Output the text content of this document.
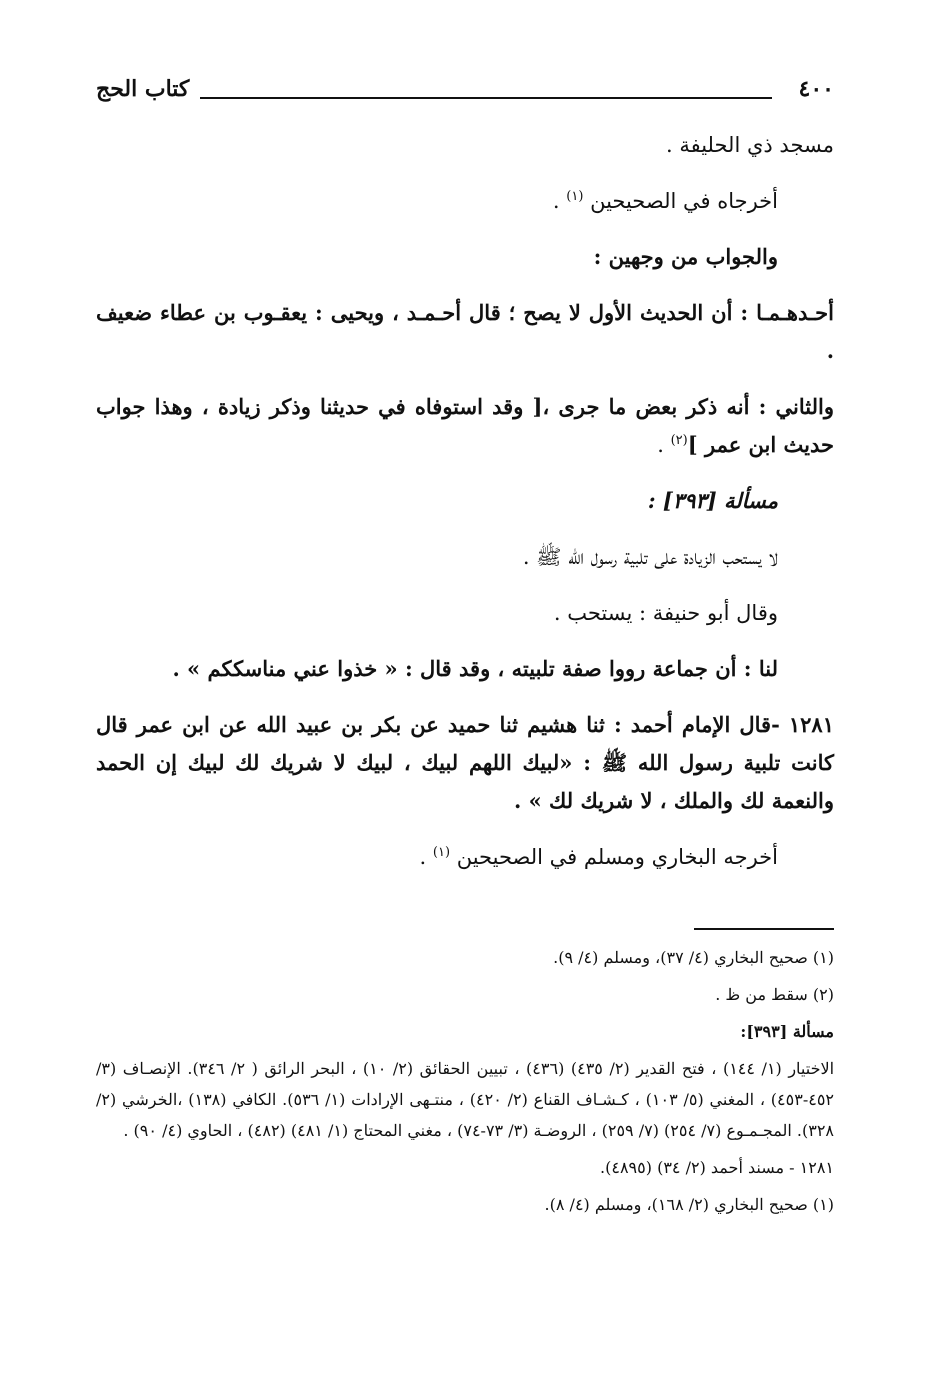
٤٠٠
كتاب الحج

مسجد ذي الحليفة .

أخرجاه في الصحيحين $^{(١)}$ .

والجواب من وجهين :

أحـدهـمـا : أن الحديث الأول لا يصح ؛ قال أحـمـد ، ويحيى : يعقـوب بن عطاء ضعيف .

والثاني : أنه ذكر بعض ما جرى ،[ وقد استوفاه في حديثنا وذكر زيادة ، وهذا جواب حديث ابن عمر ]$^{(٢)}$ .

مسألة [٣٩٣] :

لا يستحب الزيادة على تلبية رسول الله ﷺ .

وقال أبو حنيفة : يستحب .

لنا : أن جماعة رووا صفة تلبيته ، وقد قال : « خذوا عني مناسككم » .

١٢٨١ -قال الإمام أحمد : ثنا هشيم ثنا حميد عن بكر بن عبيد الله عن ابن عمر قال كانت تلبية رسول الله ﷺ : «لبيك اللهم لبيك ، لبيك لا شريك لك لبيك إن الحمد والنعمة لك والملك ، لا شريك لك » .

أخرجه البخاري ومسلم في الصحيحين $^{(١)}$ .

(١) صحيح البخاري (٤/ ٣٧)، ومسلم (٤/ ٩).

(٢) سقط من ظ .

مسألة [٣٩٣]:

الاختيار (١/ ١٤٤) ، فتح القدير (٢/ ٤٣٥) (٤٣٦) ، تبيين الحقائق (٢/ ١٠) ، البحر الرائق ( ٢/ ٣٤٦). الإنصـاف (٣/ ٤٥٢-٤٥٣) ، المغني (٥/ ١٠٣) ، كـشـاف القناع (٢/ ٤٢٠) ، منتـهى الإرادات (١/ ٥٣٦). الكافي (١٣٨) ،الخرشي (٢/ ٣٢٨). المجـمـوع (٧/ ٢٥٤) (٧/ ٢٥٩) ، الروضـة (٣/ ٧٣-٧٤) ، مغني المحتاج (١/ ٤٨١) (٤٨٢) ، الحاوي (٤/ ٩٠) .

١٢٨١ - مسند أحمد (٢/ ٣٤) (٤٨٩٥).

(١) صحيح البخاري (٢/ ١٦٨)، ومسلم (٤/ ٨).
